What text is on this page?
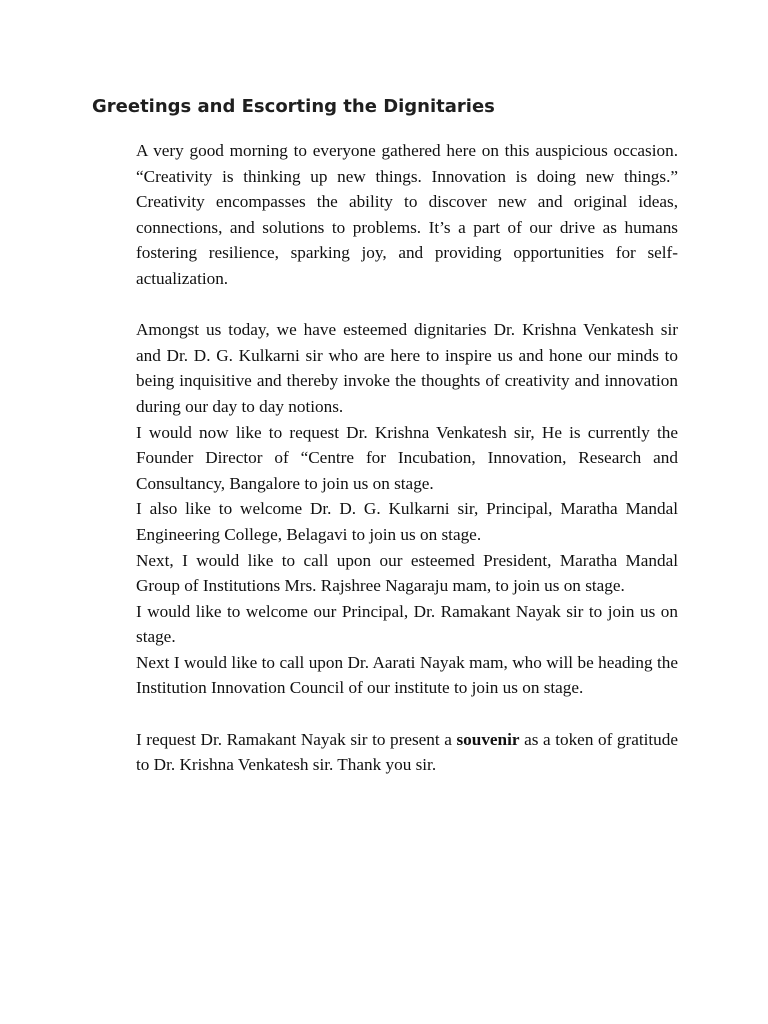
Greetings and Escorting the Dignitaries

A very good morning to everyone gathered here on this auspicious occasion. “Creativity is thinking up new things. Innovation is doing new things.” Creativity encompasses the ability to discover new and original ideas, connections, and solutions to problems. It’s a part of our drive as humans fostering resilience, sparking joy, and providing opportunities for self-actualization.

Amongst us today, we have esteemed dignitaries Dr. Krishna Venkatesh sir and Dr. D. G. Kulkarni sir who are here to inspire us and hone our minds to being inquisitive and thereby invoke the thoughts of creativity and innovation during our day to day notions.

I would now like to request Dr. Krishna Venkatesh sir, He is currently the Founder Director of “Centre for Incubation, Innovation, Research and Consultancy, Bangalore to join us on stage.

I also like to welcome Dr. D. G. Kulkarni sir, Principal, Maratha Mandal Engineering College, Belagavi to join us on stage.

Next, I would like to call upon our esteemed President, Maratha Mandal Group of Institutions Mrs. Rajshree Nagaraju mam, to join us on stage.

I would like to welcome our Principal, Dr. Ramakant Nayak sir to join us on stage.

Next I would like to call upon Dr. Aarati Nayak mam, who will be heading the Institution Innovation Council of our institute to join us on stage.

I request Dr. Ramakant Nayak sir to present a souvenir as a token of gratitude to Dr. Krishna Venkatesh sir. Thank you sir.
